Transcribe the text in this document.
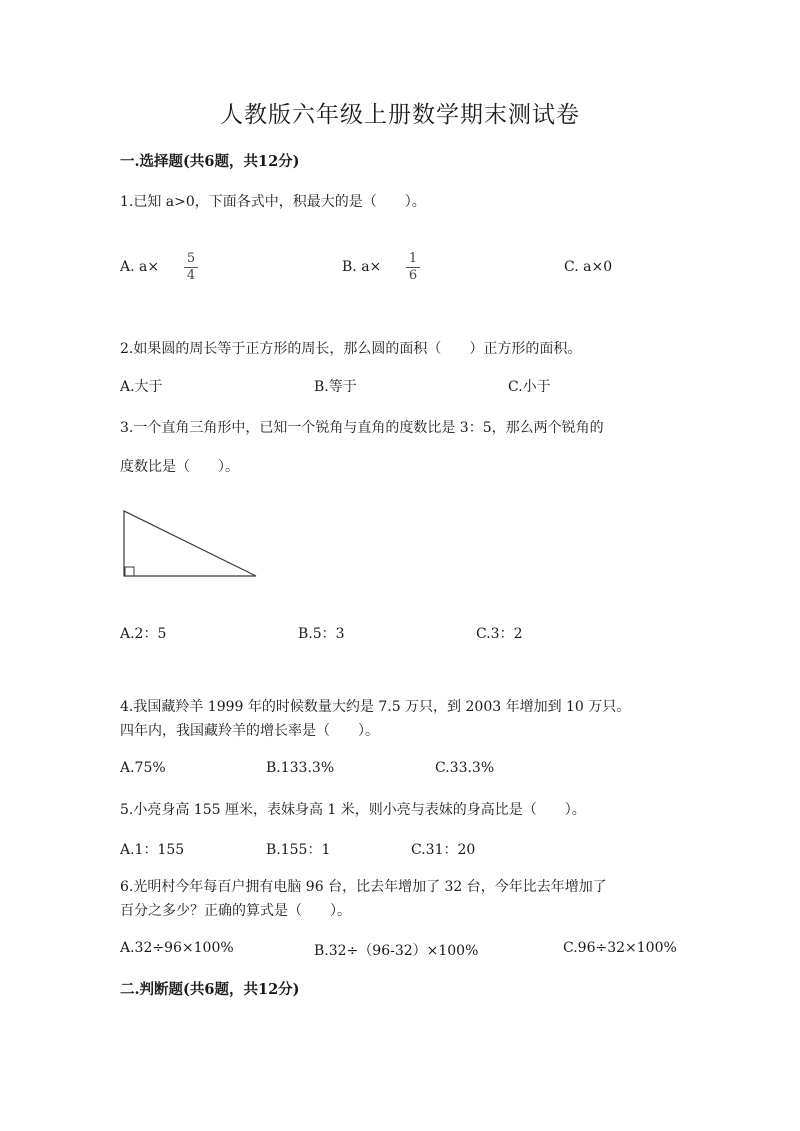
人教版六年级上册数学期末测试卷
一.选择题(共6题，共12分)
1.已知 a>0，下面各式中，积最大的是（　　）。
A. a×
5
4
B. a×
1
6
C. a×0
2.如果圆的周长等于正方形的周长，那么圆的面积（　　）正方形的面积。
A.大于	B.等于	C.小于
3.一个直角三角形中，已知一个锐角与直角的度数比是 3：5，那么两个锐角的
度数比是（　　）。
A.2：5	B.5：3	C.3：2
4.我国藏羚羊 1999 年的时候数量大约是 7.5 万只，到 2003 年增加到 10 万只。
四年内，我国藏羚羊的增长率是（　　）。
A.75%	B.133.3%	C.33.3%
5.小亮身高 155 厘米，表妹身高 1 米，则小亮与表妹的身高比是（　　）。
A.1：155	B.155：1	C.31：20
6.光明村今年每百户拥有电脑 96 台，比去年增加了 32 台，今年比去年增加了
百分之多少？正确的算式是（　　）。
A.32÷96×100%	B.32÷（96-32）×100%	C.96÷32×100%
二.判断题(共6题，共12分)
